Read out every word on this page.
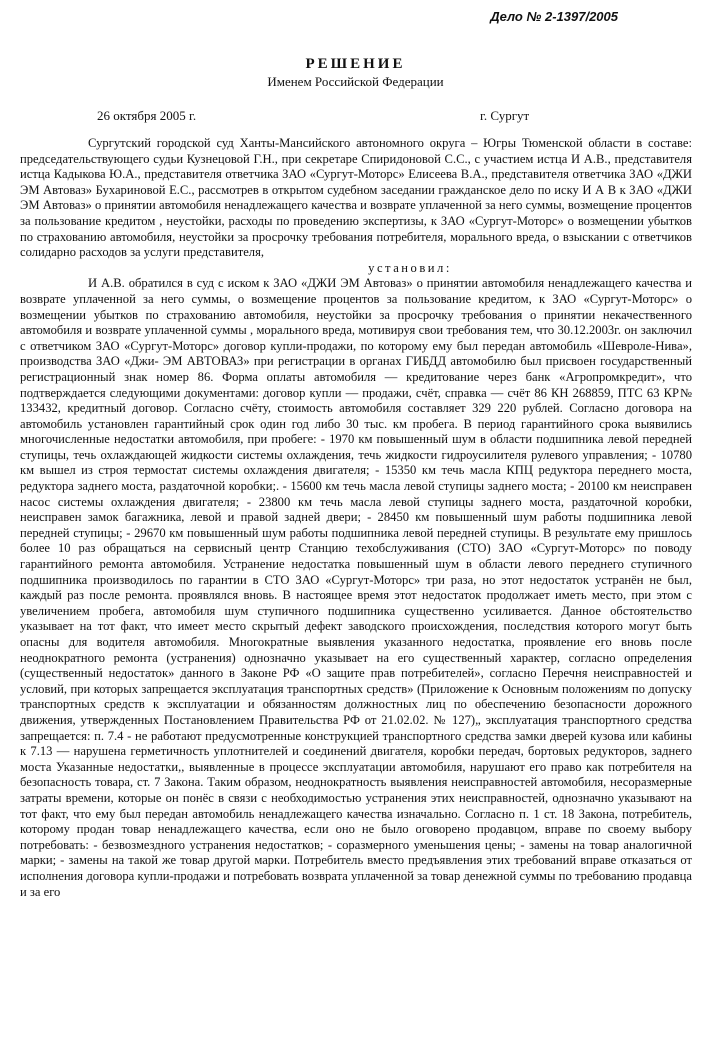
Дело № 2-1397/2005
РЕШЕНИЕ
Именем Российской Федерации
26 октября 2005 г.	г. Сургут

Сургутский городской суд Ханты-Мансийского автономного округа – Югры Тюменской области в составе: председательствующего судьи Кузнецовой Г.Н., при секретаре Спиридоновой С.С., с участием истца И А.В., представителя истца Кадыкова Ю.А., представителя ответчика ЗАО «Сургут-Моторс» Елисеева В.А., представителя ответчика ЗАО «ДЖИ ЭМ Автоваз» Бухариновой Е.С., рассмотрев в открытом судебном заседании гражданское дело по иску И А В к ЗАО «ДЖИ ЭМ Автоваз» о принятии автомобиля ненадлежащего качества и возврате уплаченной за него суммы, возмещение процентов за пользование кредитом , неустойки, расходы по проведению экспертизы, к ЗАО «Сургут-Моторс» о возмещении убытков по страхованию автомобиля, неустойки за просрочку требования потребителя, морального вреда, о взыскании с ответчиков солидарно расходов за услуги представителя,

установил:

И А.В. обратился в суд с иском к ЗАО «ДЖИ ЭМ Автоваз» о принятии автомобиля ненадлежащего качества и возврате уплаченной за него суммы, о возмещение процентов за пользование кредитом, к ЗАО «Сургут-Моторс» о возмещении убытков по страхованию автомобиля, неустойки за просрочку требования о принятии некачественного автомобиля и возврате уплаченной суммы , морального вреда, мотивируя свои требования тем, что 30.12.2003г. он заключил с ответчиком ЗАО «Сургут-Моторс» договор купли-продажи, по которому ему был передан автомобиль «Шевроле-Нива», производства ЗАО «Джи- ЭМ АВТОВАЗ» при регистрации в органах ГИБДД автомобилю был присвоен государственный регистрационный знак номер 86. Форма оплаты автомобиля — кредитование через банк «Агропромкредит», что подтверждается следующими документами: договор купли — продажи, счёт, справка — счёт 86 КН 268859, ПТС 63 КР№ 133432, кредитный договор. Согласно счёту, стоимость автомобиля составляет 329 220 рублей. Согласно договора на автомобиль установлен гарантийный срок один год либо 30 тыс. км пробега. В период гарантийного срока выявились многочисленные недостатки автомобиля, при пробеге: - 1970 км повышенный шум в области подшипника левой передней ступицы, течь охлаждающей жидкости системы охлаждения, течь жидкости гидроусилителя рулевого управления; - 10780 км вышел из строя термостат системы охлаждения двигателя; - 15350 км течь масла КПЦ редуктора переднего моста, редуктора заднего моста, раздаточной коробки;. - 15600 км течь масла левой ступицы заднего моста; - 20100 км неисправен насос системы охлаждения двигателя; - 23800 км течь масла левой ступицы заднего моста, раздаточной коробки, неисправен замок багажника, левой и правой задней двери; - 28450 км повышенный шум работы подшипника левой передней ступицы; - 29670 км повышенный шум работы подшипника левой передней ступицы. В результате ему пришлось более 10 раз обращаться на сервисный центр Станцию техобслуживания (СТО) ЗАО «Сургут-Моторс» по поводу гарантийного ремонта автомобиля. Устранение недостатка повышенный шум в области левого переднего ступичного подшипника производилось по гарантии в СТО ЗАО «Сургут-Моторс» три раза, но этот недостаток устранён не был, каждый раз после ремонта. проявлялся вновь. В настоящее время этот недостаток продолжает иметь место, при этом с увеличением пробега, автомобиля шум ступичного подшипника существенно усиливается. Данное обстоятельство указывает на тот факт, что имеет место скрытый дефект заводского происхождения, последствия которого могут быть опасны для водителя автомобиля. Многократные выявления указанного недостатка, проявление его вновь после неоднократного ремонта (устранения) однозначно указывает на его существенный характер, согласно определения (существенный недостаток» данного в Законе РФ «О защите прав потребителей», согласно Перечня неисправностей и условий, при которых запрещается эксплуатация транспортных средств» (Приложение к Основным положениям по допуску транспортных средств к эксплуатации и обязанностям должностных лиц по обеспечению безопасности дорожного движения, утвержденных Постановлением Правительства РФ от 21.02.02. № 127)„ эксплуатация транспортного средства запрещается: п. 7.4 - не работают предусмотренные конструкцией транспортного средства замки дверей кузова или кабины к 7.13 — нарушена герметичность уплотнителей и соединений двигателя, коробки передач, бортовых редукторов, заднего моста Указанные недостатки,, выявленные в процессе эксплуатации автомобиля, нарушают его право как потребителя на безопасность товара, ст. 7 Закона. Таким образом, неоднократность выявления неисправностей автомобиля, несоразмерные затраты времени, которые он понёс в связи с необходимостью устранения этих неисправностей, однозначно указывают на тот факт, что ему был передан автомобиль ненадлежащего качества изначально. Согласно п. 1 ст. 18 Закона, потребитель, которому продан товар ненадлежащего качества, если оно не было оговорено продавцом, вправе по своему выбору потребовать: - безвозмездного устранения недостатков; - соразмерного уменьшения цены; - замены на товар аналогичной марки; - замены на такой же товар другой марки. Потребитель вместо предъявления этих требований вправе отказаться от исполнения договора купли-продажи и потребовать возврата уплаченной за товар денежной суммы по требованию продавца и за его
